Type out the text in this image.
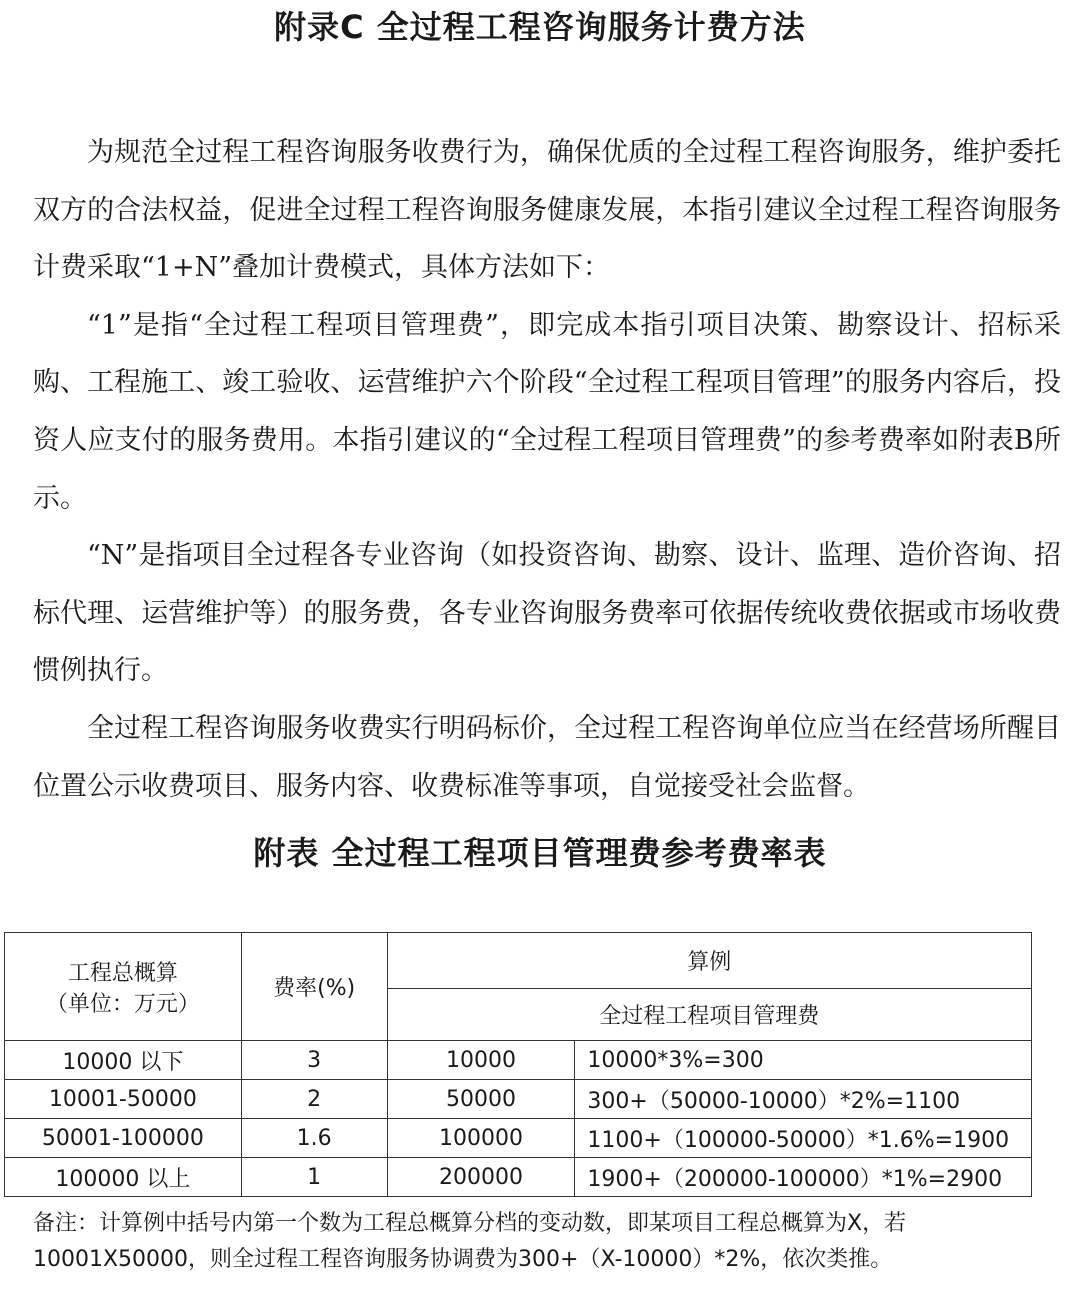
附录C 全过程工程咨询服务计费方法

为规范全过程工程咨询服务收费行为，确保优质的全过程工程咨询服务，维护委托双方的合法权益，促进全过程工程咨询服务健康发展，本指引建议全过程工程咨询服务计费采取“1+N”叠加计费模式，具体方法如下：

“1”是指“全过程工程项目管理费”，即完成本指引项目决策、勘察设计、招标采购、工程施工、竣工验收、运营维护六个阶段“全过程工程项目管理”的服务内容后，投资人应支付的服务费用。本指引建议的“全过程工程项目管理费”的参考费率如附表B所示。

“N”是指项目全过程各专业咨询（如投资咨询、勘察、设计、监理、造价咨询、招标代理、运营维护等）的服务费，各专业咨询服务费率可依据传统收费依据或市场收费惯例执行。

全过程工程咨询服务收费实行明码标价，全过程工程咨询单位应当在经营场所醒目位置公示收费项目、服务内容、收费标准等事项，自觉接受社会监督。

附表 全过程工程项目管理费参考费率表
工程总概算
（单位：万元）	费率(%)	算例	
		全过程工程项目管理费	
10000 以下	3	10000	10000*3%=300
10001-50000	2	50000	300+（50000-10000）*2%=1100
50001-100000	1.6	100000	1100+（100000-50000）*1.6%=1900
100000 以上	1	200000	1900+（200000-100000）*1%=2900
备注：计算例中括号内第一个数为工程总概算分档的变动数，即某项目工程总概算为X，若10001X50000，则全过程工程咨询服务协调费为300+（X-10000）*2%，依次类推。
